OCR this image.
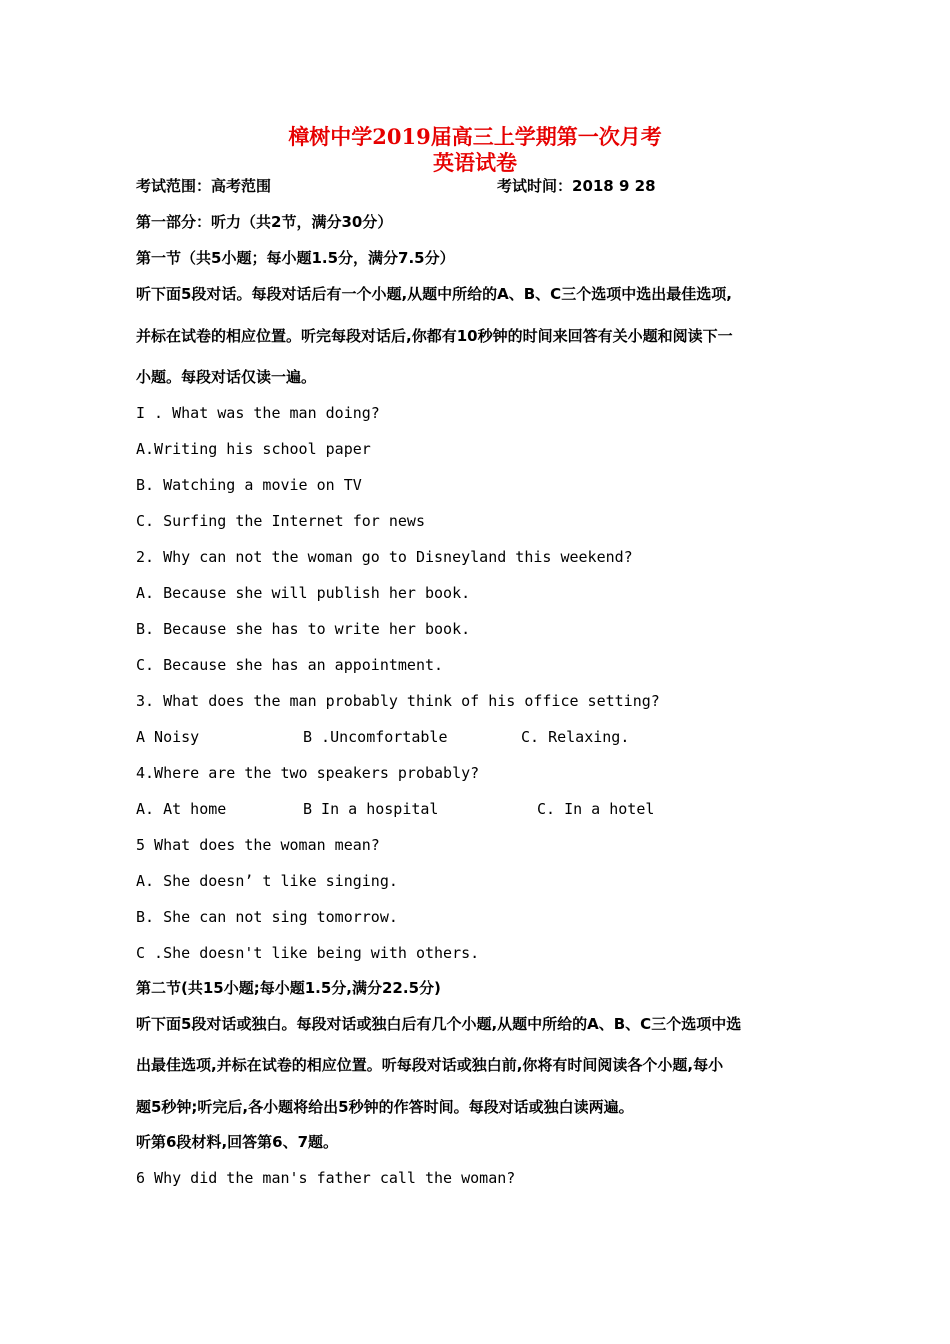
樟树中学2019届高三上学期第一次月考
英语试卷
考试范围：高考范围	考试时间：2018 9 28
第一部分：听力（共2节，满分30分）
第一节（共5小题；每小题1.5分，满分7.5分）
听下面5段对话。每段对话后有一个小题,从题中所给的A、B、C三个选项中选出最佳选项,
并标在试卷的相应位置。听完每段对话后,你都有10秒钟的时间来回答有关小题和阅读下一
小题。每段对话仅读一遍。
I . What was the man doing?
A.Writing his school paper
B. Watching a movie on TV
C. Surfing the Internet for news
2. Why can not the woman go to Disneyland this weekend?
A. Because she will publish her book.
B. Because she has to write her book.
C. Because she has an appointment.
3. What does the man probably think of his office setting?
A Noisy	B .Uncomfortable	C. Relaxing.
4.Where are the two speakers probably?
A. At home	B In a hospital	C. In a hotel
5 What does the woman mean?
A. She doesn’ t like singing.
B. She can not sing tomorrow.
C .She doesn't like being with others.
第二节(共15小题;每小题1.5分,满分22.5分)
听下面5段对话或独白。每段对话或独白后有几个小题,从题中所给的A、B、C三个选项中选
出最佳选项,并标在试卷的相应位置。听每段对话或独白前,你将有时间阅读各个小题,每小
题5秒钟;听完后,各小题将给出5秒钟的作答时间。每段对话或独白读两遍。
听第6段材料,回答第6、7题。
6 Why did the man's father call the woman?
